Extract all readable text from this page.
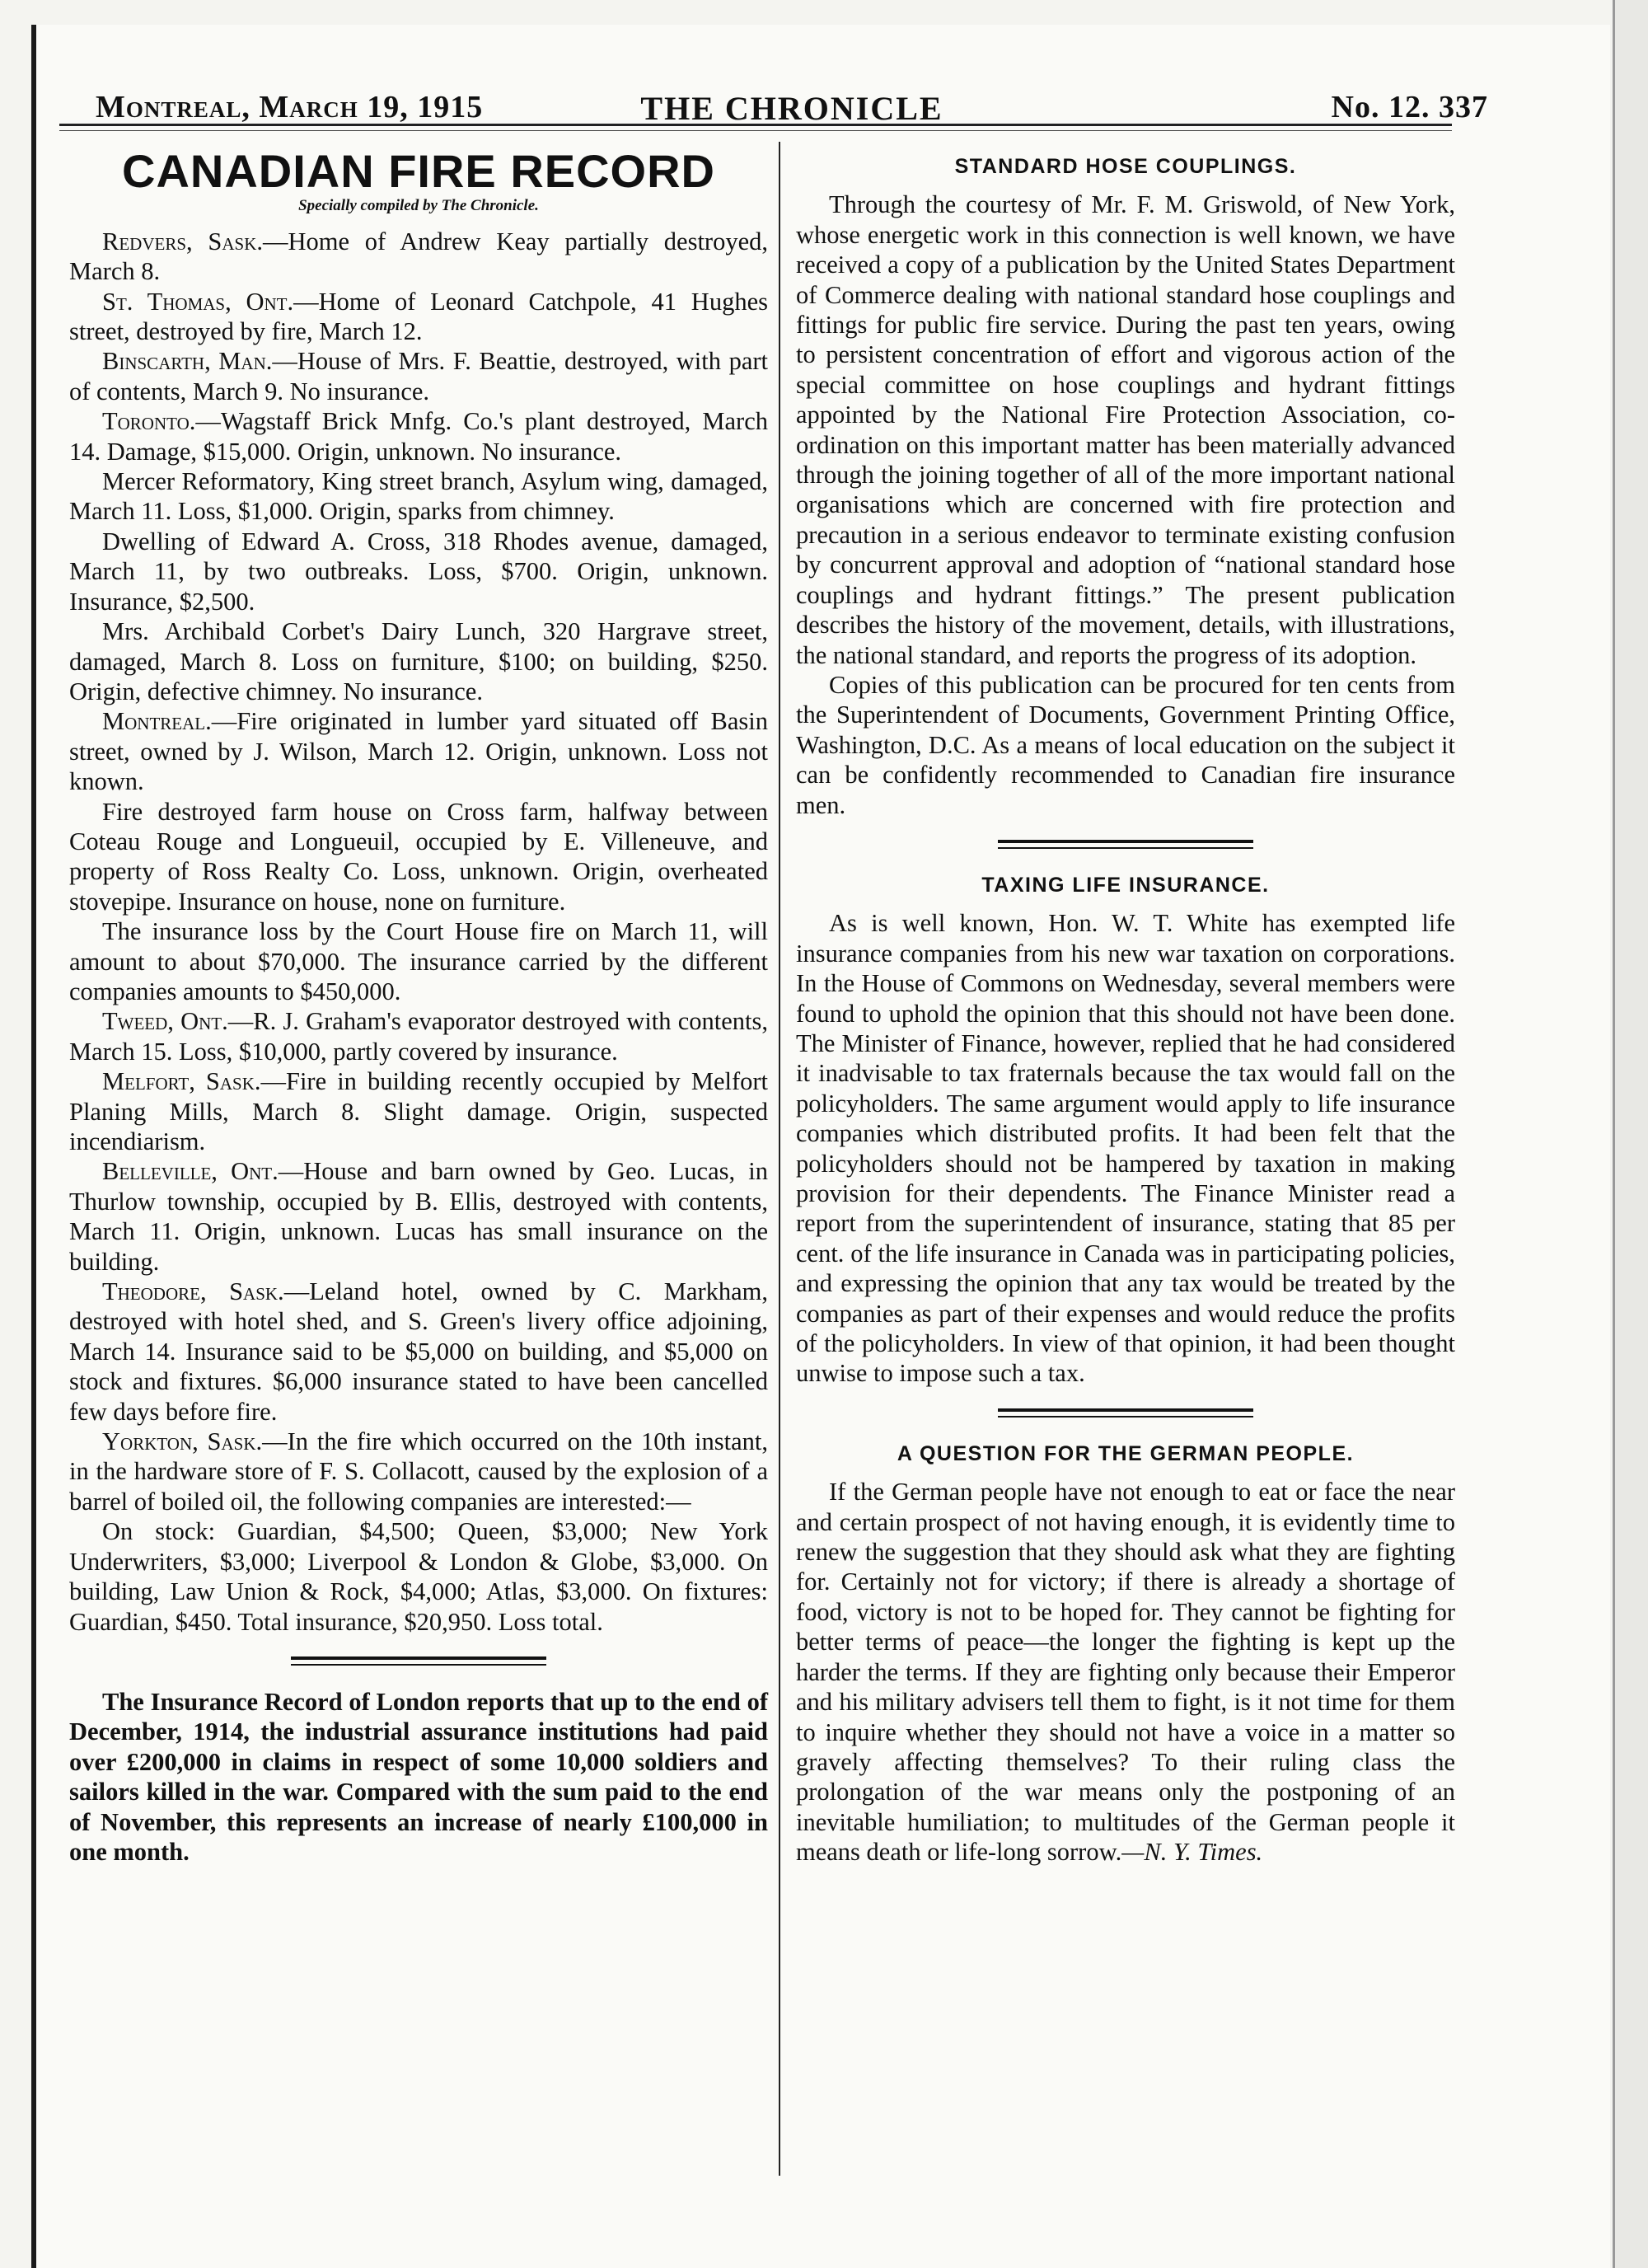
Montreal, March 19, 1915	THE CHRONICLE	No. 12. 337
CANADIAN FIRE RECORD
Specially compiled by The Chronicle.

Redvers, Sask.—Home of Andrew Keay partially destroyed, March 8.

St. Thomas, Ont.—Home of Leonard Catchpole, 41 Hughes street, destroyed by fire, March 12.

Binscarth, Man.—House of Mrs. F. Beattie, destroyed, with part of contents, March 9. No insurance.

Toronto.—Wagstaff Brick Mnfg. Co.'s plant destroyed, March 14. Damage, $15,000. Origin, unknown. No insurance.

Mercer Reformatory, King street branch, Asylum wing, damaged, March 11. Loss, $1,000. Origin, sparks from chimney.

Dwelling of Edward A. Cross, 318 Rhodes avenue, damaged, March 11, by two outbreaks. Loss, $700. Origin, unknown. Insurance, $2,500.

Mrs. Archibald Corbet's Dairy Lunch, 320 Hargrave street, damaged, March 8. Loss on furniture, $100; on building, $250. Origin, defective chimney. No insurance.

Montreal.—Fire originated in lumber yard situated off Basin street, owned by J. Wilson, March 12. Origin, unknown. Loss not known.

Fire destroyed farm house on Cross farm, halfway between Coteau Rouge and Longueuil, occupied by E. Villeneuve, and property of Ross Realty Co. Loss, unknown. Origin, overheated stovepipe. Insurance on house, none on furniture.

The insurance loss by the Court House fire on March 11, will amount to about $70,000. The insurance carried by the different companies amounts to $450,000.

Tweed, Ont.—R. J. Graham's evaporator destroyed with contents, March 15. Loss, $10,000, partly covered by insurance.

Melfort, Sask.—Fire in building recently occupied by Melfort Planing Mills, March 8. Slight damage. Origin, suspected incendiarism.

Belleville, Ont.—House and barn owned by Geo. Lucas, in Thurlow township, occupied by B. Ellis, destroyed with contents, March 11. Origin, unknown. Lucas has small insurance on the building.

Theodore, Sask.—Leland hotel, owned by C. Markham, destroyed with hotel shed, and S. Green's livery office adjoining, March 14. Insurance said to be $5,000 on building, and $5,000 on stock and fixtures. $6,000 insurance stated to have been cancelled few days before fire.

Yorkton, Sask.—In the fire which occurred on the 10th instant, in the hardware store of F. S. Collacott, caused by the explosion of a barrel of boiled oil, the following companies are interested:—

On stock: Guardian, $4,500; Queen, $3,000; New York Underwriters, $3,000; Liverpool & London & Globe, $3,000. On building, Law Union & Rock, $4,000; Atlas, $3,000. On fixtures: Guardian, $450. Total insurance, $20,950. Loss total.

The Insurance Record of London reports that up to the end of December, 1914, the industrial assurance institutions had paid over £200,000 in claims in respect of some 10,000 soldiers and sailors killed in the war. Compared with the sum paid to the end of November, this represents an increase of nearly £100,000 in one month.

STANDARD HOSE COUPLINGS.

Through the courtesy of Mr. F. M. Griswold, of New York, whose energetic work in this connection is well known, we have received a copy of a publication by the United States Department of Commerce dealing with national standard hose couplings and fittings for public fire service. During the past ten years, owing to persistent concentration of effort and vigorous action of the special committee on hose couplings and hydrant fittings appointed by the National Fire Protection Association, co-ordination on this important matter has been materially advanced through the joining together of all of the more important national organisations which are concerned with fire protection and precaution in a serious endeavor to terminate existing confusion by concurrent approval and adoption of “national standard hose couplings and hydrant fittings.” The present publication describes the history of the movement, details, with illustrations, the national standard, and reports the progress of its adoption.

Copies of this publication can be procured for ten cents from the Superintendent of Documents, Government Printing Office, Washington, D.C. As a means of local education on the subject it can be confidently recommended to Canadian fire insurance men.

TAXING LIFE INSURANCE.

As is well known, Hon. W. T. White has exempted life insurance companies from his new war taxation on corporations. In the House of Commons on Wednesday, several members were found to uphold the opinion that this should not have been done. The Minister of Finance, however, replied that he had considered it inadvisable to tax fraternals because the tax would fall on the policyholders. The same argument would apply to life insurance companies which distributed profits. It had been felt that the policyholders should not be hampered by taxation in making provision for their dependents. The Finance Minister read a report from the superintendent of insurance, stating that 85 per cent. of the life insurance in Canada was in participating policies, and expressing the opinion that any tax would be treated by the companies as part of their expenses and would reduce the profits of the policyholders. In view of that opinion, it had been thought unwise to impose such a tax.

A QUESTION FOR THE GERMAN PEOPLE.

If the German people have not enough to eat or face the near and certain prospect of not having enough, it is evidently time to renew the suggestion that they should ask what they are fighting for. Certainly not for victory; if there is already a shortage of food, victory is not to be hoped for. They cannot be fighting for better terms of peace—the longer the fighting is kept up the harder the terms. If they are fighting only because their Emperor and his military advisers tell them to fight, is it not time for them to inquire whether they should not have a voice in a matter so gravely affecting themselves? To their ruling class the prolongation of the war means only the postponing of an inevitable humiliation; to multitudes of the German people it means death or life-long sorrow.—N. Y. Times.
